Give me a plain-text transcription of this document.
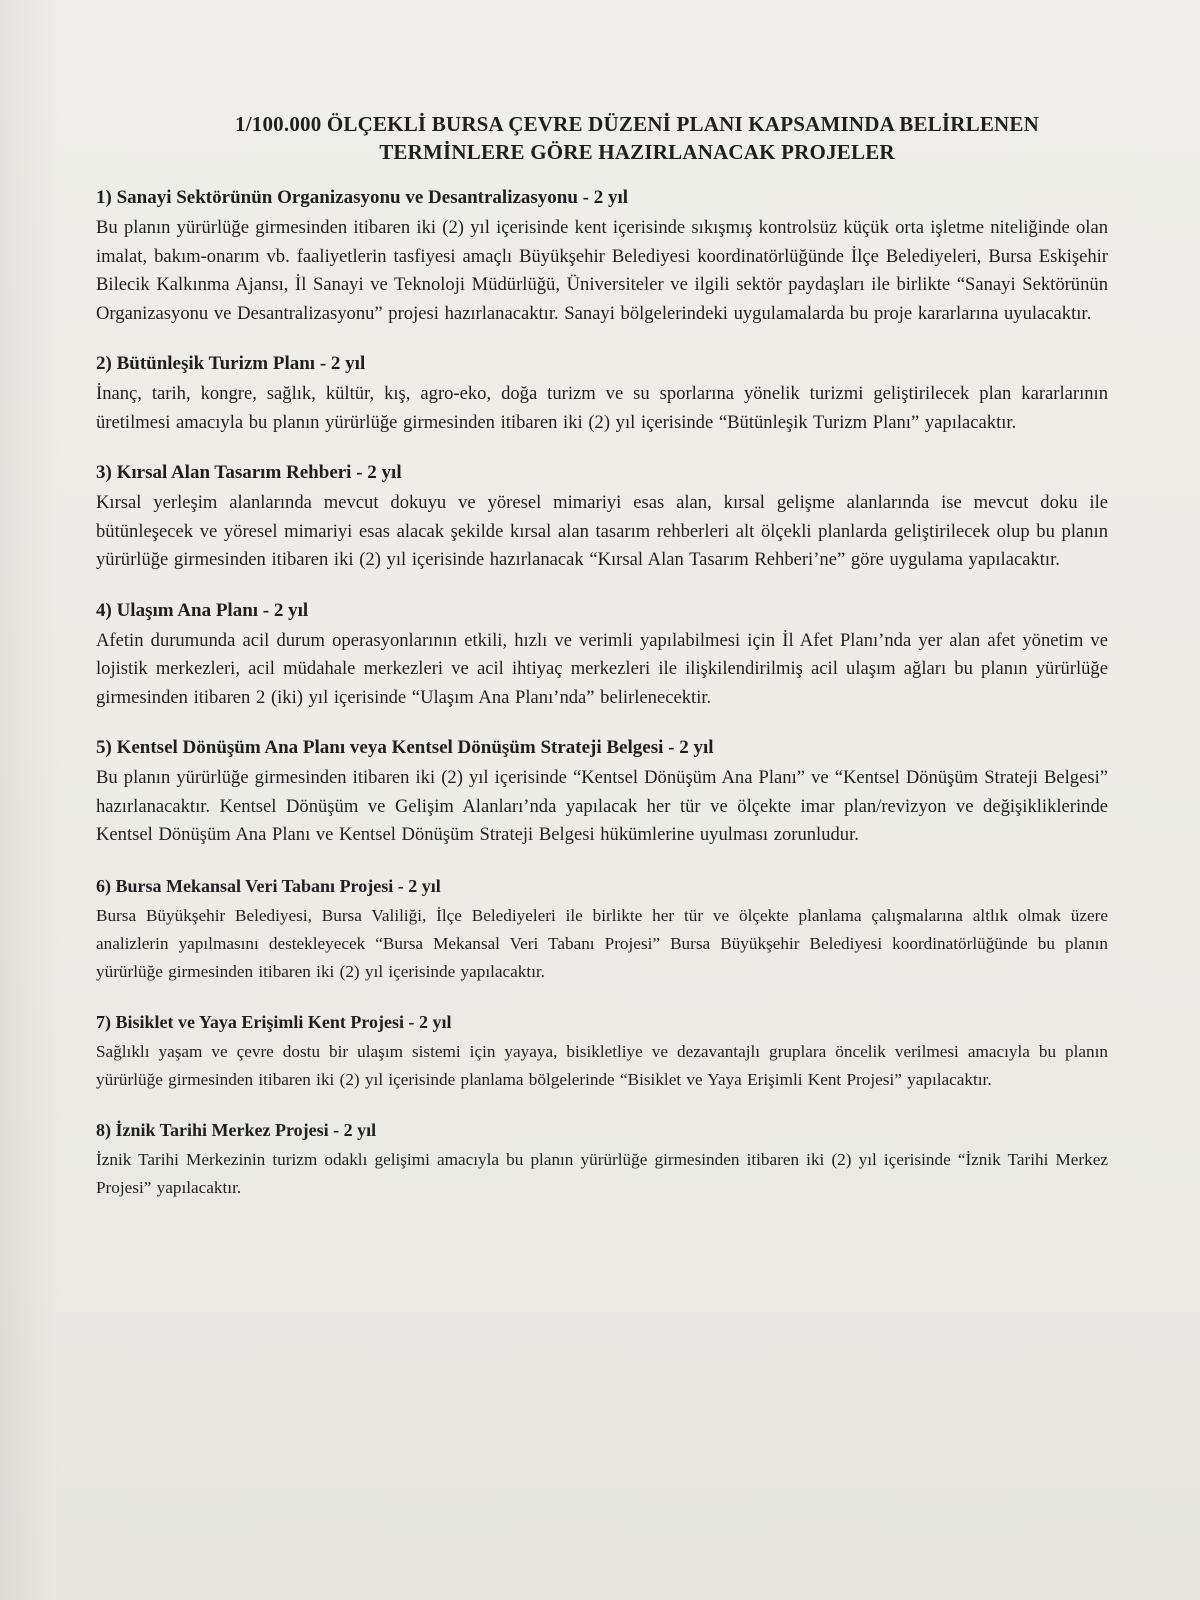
1/100.000 ÖLÇEKLİ BURSA ÇEVRE DÜZENİ PLANI KAPSAMINDA BELİRLENEN
TERMİNLERE GÖRE HAZIRLANACAK PROJELER
1) Sanayi Sektörünün Organizasyonu ve Desantralizasyonu - 2 yıl

Bu planın yürürlüğe girmesinden itibaren iki (2) yıl içerisinde kent içerisinde sıkışmış kontrolsüz küçük orta işletme niteliğinde olan imalat, bakım-onarım vb. faaliyetlerin tasfiyesi amaçlı Büyükşehir Belediyesi koordinatörlüğünde İlçe Belediyeleri, Bursa Eskişehir Bilecik Kalkınma Ajansı, İl Sanayi ve Teknoloji Müdürlüğü, Üniversiteler ve ilgili sektör paydaşları ile birlikte “Sanayi Sektörünün Organizasyonu ve Desantralizasyonu” projesi hazırlanacaktır. Sanayi bölgelerindeki uygulamalarda bu proje kararlarına uyulacaktır.

2) Bütünleşik Turizm Planı - 2 yıl

İnanç, tarih, kongre, sağlık, kültür, kış, agro-eko, doğa turizm ve su sporlarına yönelik turizmi geliştirilecek plan kararlarının üretilmesi amacıyla bu planın yürürlüğe girmesinden itibaren iki (2) yıl içerisinde “Bütünleşik Turizm Planı” yapılacaktır.

3) Kırsal Alan Tasarım Rehberi - 2 yıl

Kırsal yerleşim alanlarında mevcut dokuyu ve yöresel mimariyi esas alan, kırsal gelişme alanlarında ise mevcut doku ile bütünleşecek ve yöresel mimariyi esas alacak şekilde kırsal alan tasarım rehberleri alt ölçekli planlarda geliştirilecek olup bu planın yürürlüğe girmesinden itibaren iki (2) yıl içerisinde hazırlanacak “Kırsal Alan Tasarım Rehberi’ne” göre uygulama yapılacaktır.

4) Ulaşım Ana Planı - 2 yıl

Afetin durumunda acil durum operasyonlarının etkili, hızlı ve verimli yapılabilmesi için İl Afet Planı’nda yer alan afet yönetim ve lojistik merkezleri, acil müdahale merkezleri ve acil ihtiyaç merkezleri ile ilişkilendirilmiş acil ulaşım ağları bu planın yürürlüğe girmesinden itibaren 2 (iki) yıl içerisinde “Ulaşım Ana Planı’nda” belirlenecektir.

5) Kentsel Dönüşüm Ana Planı veya Kentsel Dönüşüm Strateji Belgesi - 2 yıl

Bu planın yürürlüğe girmesinden itibaren iki (2) yıl içerisinde “Kentsel Dönüşüm Ana Planı” ve “Kentsel Dönüşüm Strateji Belgesi” hazırlanacaktır. Kentsel Dönüşüm ve Gelişim Alanları’nda yapılacak her tür ve ölçekte imar plan/revizyon ve değişikliklerinde Kentsel Dönüşüm Ana Planı ve Kentsel Dönüşüm Strateji Belgesi hükümlerine uyulması zorunludur.

6) Bursa Mekansal Veri Tabanı Projesi - 2 yıl

Bursa Büyükşehir Belediyesi, Bursa Valiliği, İlçe Belediyeleri ile birlikte her tür ve ölçekte planlama çalışmalarına altlık olmak üzere analizlerin yapılmasını destekleyecek “Bursa Mekansal Veri Tabanı Projesi” Bursa Büyükşehir Belediyesi koordinatörlüğünde bu planın yürürlüğe girmesinden itibaren iki (2) yıl içerisinde yapılacaktır.

7) Bisiklet ve Yaya Erişimli Kent Projesi - 2 yıl

Sağlıklı yaşam ve çevre dostu bir ulaşım sistemi için yayaya, bisikletliye ve dezavantajlı gruplara öncelik verilmesi amacıyla bu planın yürürlüğe girmesinden itibaren iki (2) yıl içerisinde planlama bölgelerinde “Bisiklet ve Yaya Erişimli Kent Projesi” yapılacaktır.

8) İznik Tarihi Merkez Projesi - 2 yıl

İznik Tarihi Merkezinin turizm odaklı gelişimi amacıyla bu planın yürürlüğe girmesinden itibaren iki (2) yıl içerisinde “İznik Tarihi Merkez Projesi” yapılacaktır.
